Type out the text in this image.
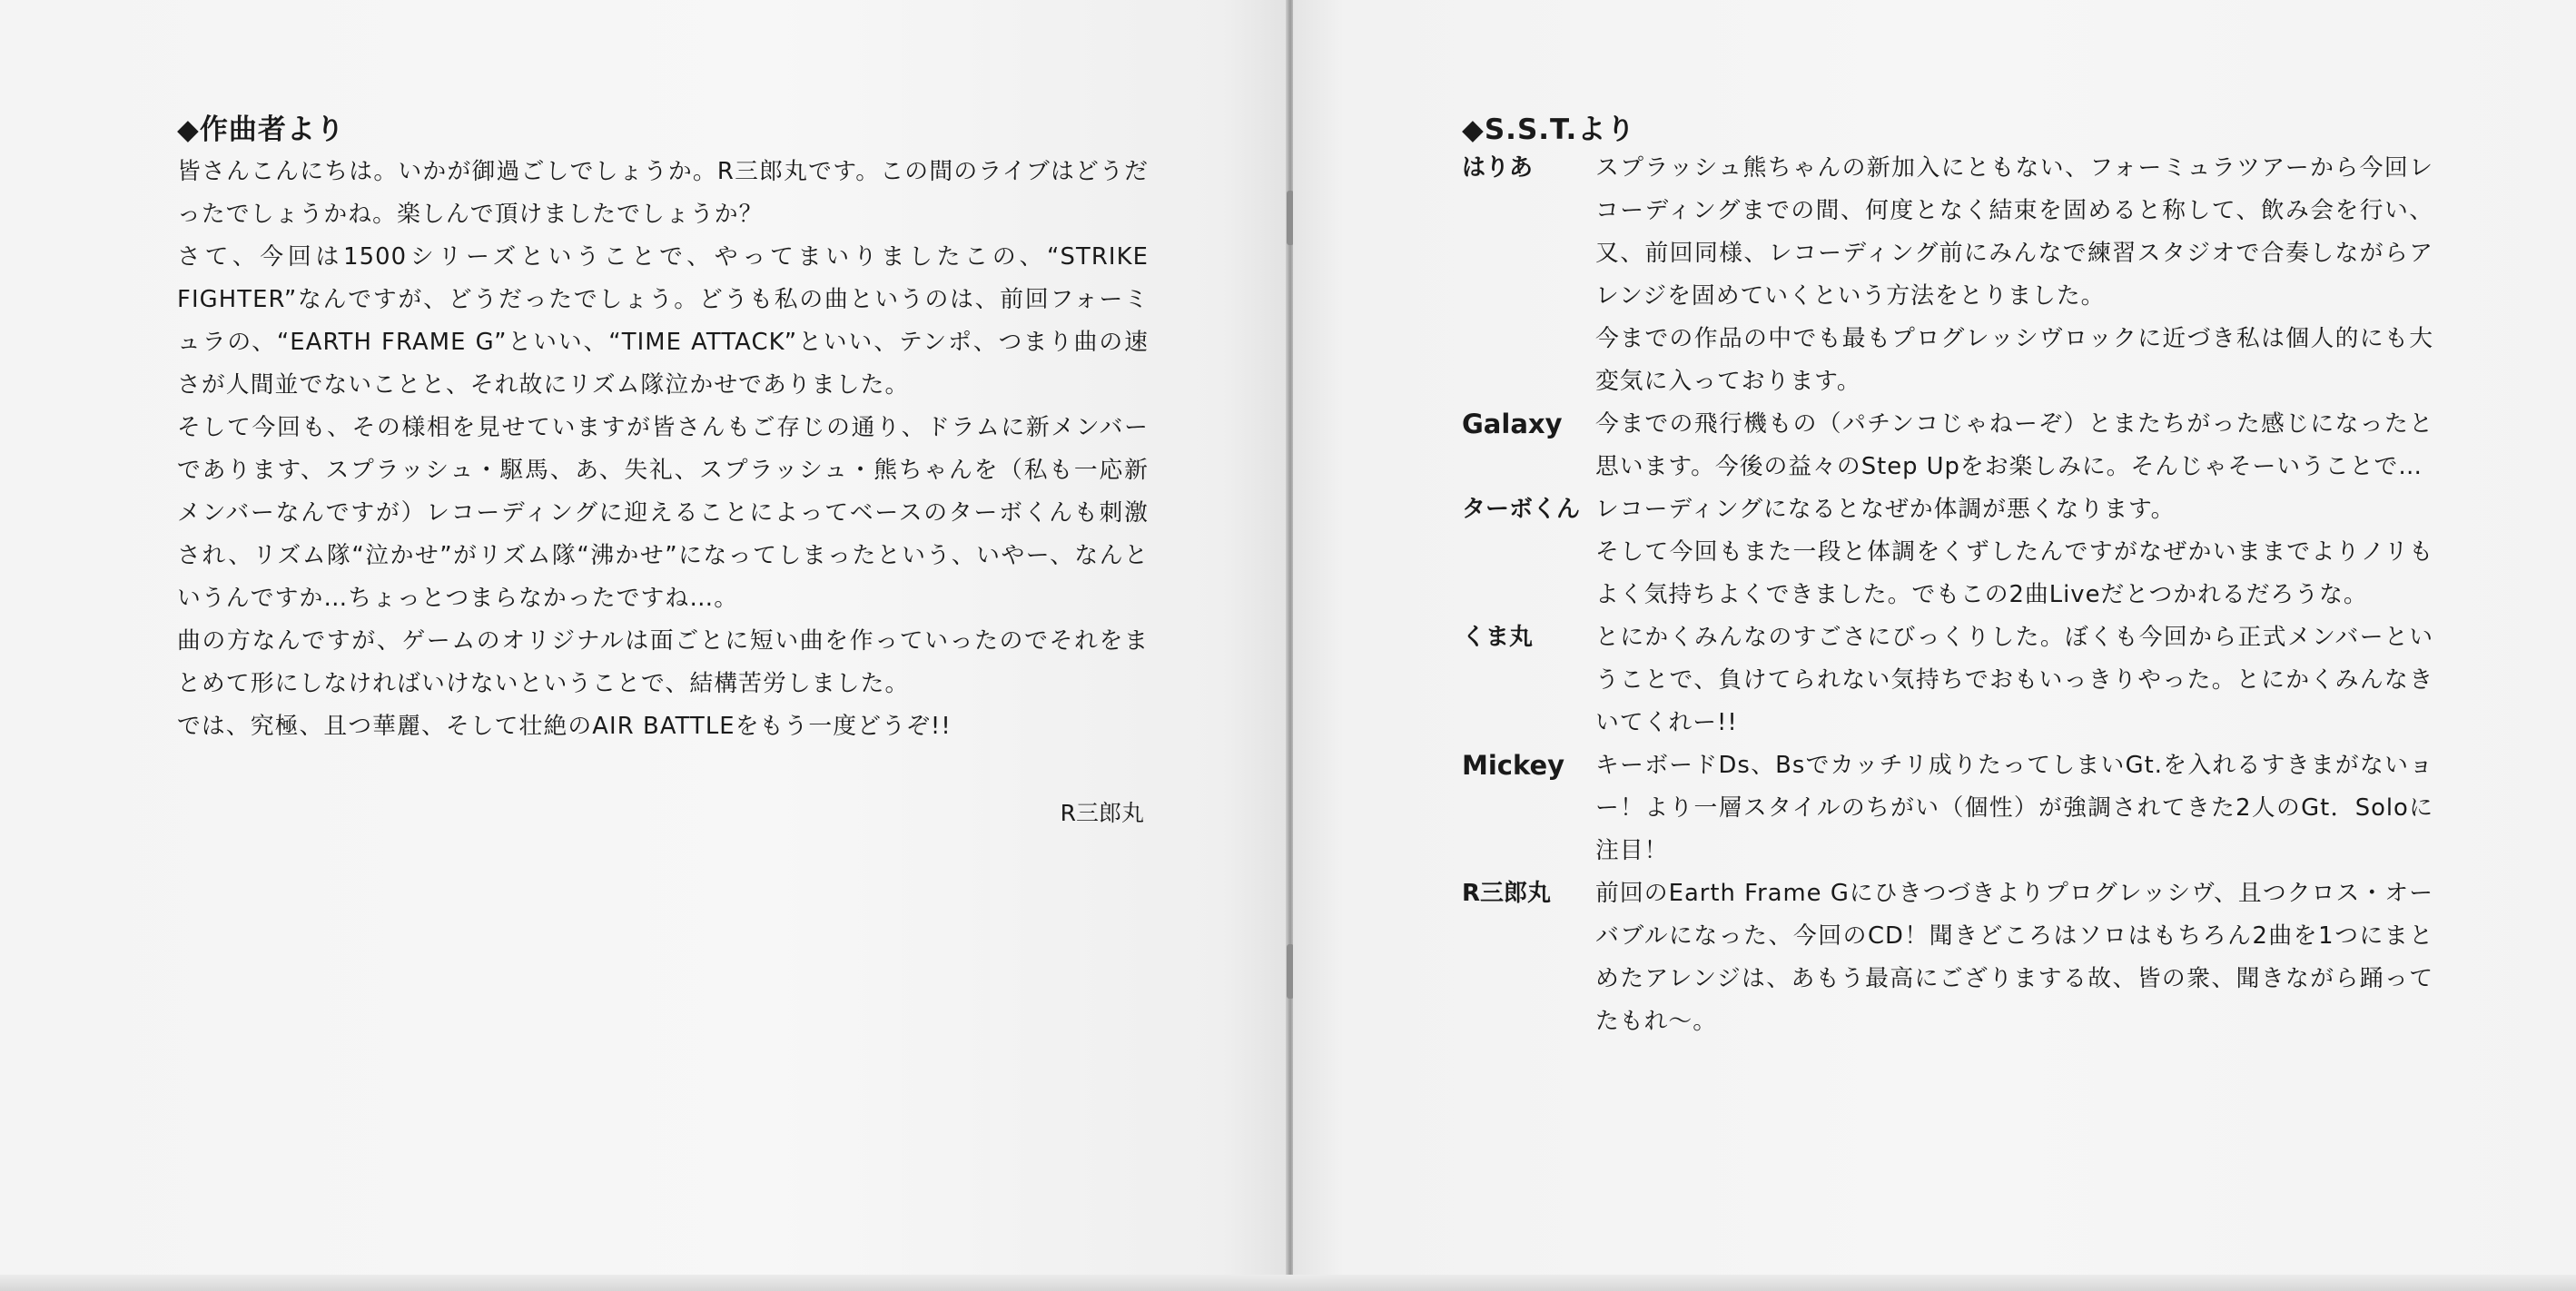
◆作曲者より

皆さんこんにちは。いかが御過ごしでしょうか。R三郎丸です。この間のライブはどうだったでしょうかね。楽しんで頂けましたでしょうか？

さて、今回は1500シリーズということで、やってまいりましたこの、“STRIKE FIGHTER”なんですが、どうだったでしょう。どうも私の曲というのは、前回フォーミュラの、“EARTH FRAME G”といい、“TIME ATTACK”といい、テンポ、つまり曲の速さが人間並でないことと、それ故にリズム隊泣かせでありました。

そして今回も、その様相を見せていますが皆さんもご存じの通り、ドラムに新メンバーであります、スプラッシュ・駆馬、あ、失礼、スプラッシュ・熊ちゃんを（私も一応新メンバーなんですが）レコーディングに迎えることによってベースのターボくんも刺激され、リズム隊“泣かせ”がリズム隊“沸かせ”になってしまったという、いやー、なんというんですか…ちょっとつまらなかったですね…。

曲の方なんですが、ゲームのオリジナルは面ごとに短い曲を作っていったのでそれをまとめて形にしなければいけないということで、結構苦労しました。

では、究極、且つ華麗、そして壮絶のAIR BATTLEをもう一度どうぞ!!

R三郎丸
◆S.S.T.より
はりあ	スプラッシュ熊ちゃんの新加入にともない、フォーミュラツアーから今回レコーディングまでの間、何度となく結束を固めると称して、飲み会を行い、又、前回同様、レコーディング前にみんなで練習スタジオで合奏しながらアレンジを固めていくという方法をとりました。

今までの作品の中でも最もプログレッシヴロックに近づき私は個人的にも大変気に入っております。

Galaxy	今までの飛行機もの（パチンコじゃねーぞ）とまたちがった感じになったと思います。今後の益々のStep Upをお楽しみに。そんじゃそーいうことで…

ターボくん レコーディングになるとなぜか体調が悪くなります。

そして今回もまた一段と体調をくずしたんですがなぜかいままでよりノリもよく気持ちよくできました。でもこの2曲Liveだとつかれるだろうな。

くま丸	とにかくみんなのすごさにびっくりした。ぼくも今回から正式メンバーということで、負けてられない気持ちでおもいっきりやった。とにかくみんなきいてくれー!!

Mickey	キーボードDs、Bsでカッチリ成りたってしまいGt.を入れるすきまがないョー！より一層スタイルのちがい（個性）が強調されてきた2人のGt．Soloに注目！

R三郎丸	前回のEarth Frame Gにひきつづきよりプログレッシヴ、且つクロス・オーバブルになった、今回のCD！聞きどころはソロはもちろん2曲を1つにまとめたアレンジは、あもう最高にござりまする故、皆の衆、聞きながら踊ってたもれ〜。
